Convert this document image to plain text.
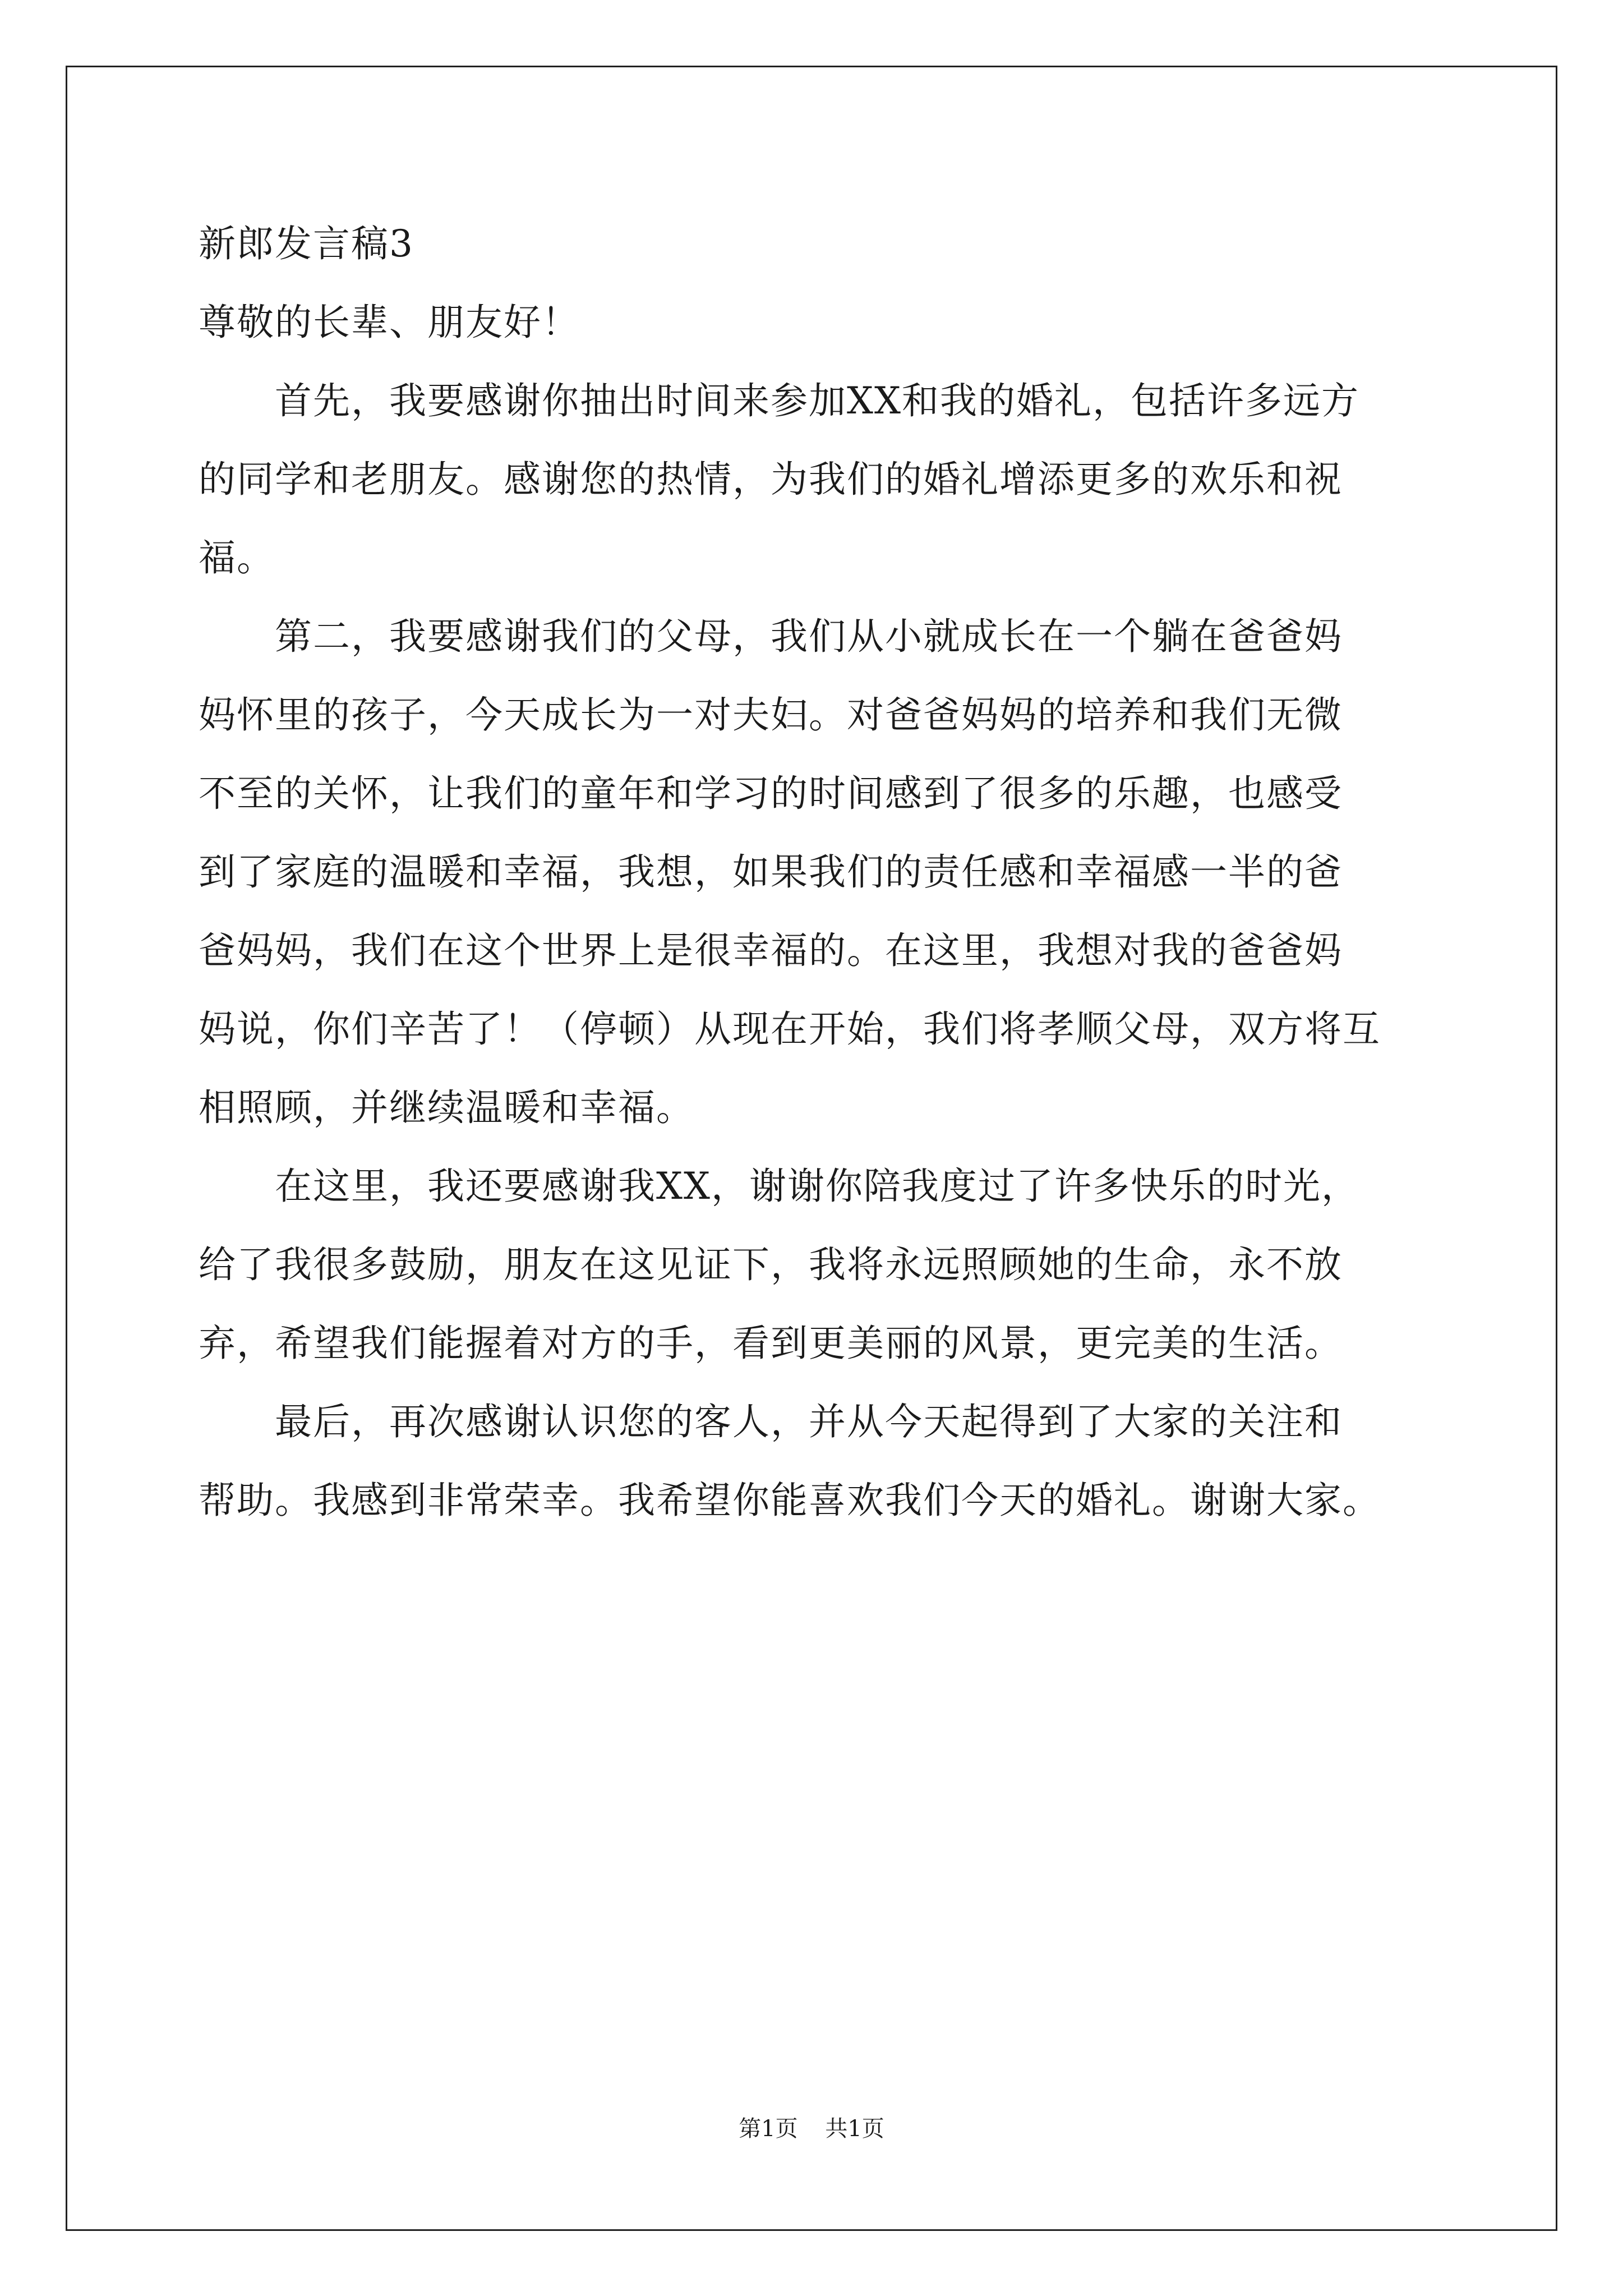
新郎发言稿3
尊敬的长辈、朋友好！
　　首先，我要感谢你抽出时间来参加XX和我的婚礼，包括许多远方
的同学和老朋友。感谢您的热情，为我们的婚礼增添更多的欢乐和祝
福。
　　第二，我要感谢我们的父母，我们从小就成长在一个躺在爸爸妈
妈怀里的孩子，今天成长为一对夫妇。对爸爸妈妈的培养和我们无微
不至的关怀，让我们的童年和学习的时间感到了很多的乐趣，也感受
到了家庭的温暖和幸福，我想，如果我们的责任感和幸福感一半的爸
爸妈妈，我们在这个世界上是很幸福的。在这里，我想对我的爸爸妈
妈说，你们辛苦了！（停顿）从现在开始，我们将孝顺父母，双方将互
相照顾，并继续温暖和幸福。
　　在这里，我还要感谢我XX，谢谢你陪我度过了许多快乐的时光，
给了我很多鼓励，朋友在这见证下，我将永远照顾她的生命，永不放
弃，希望我们能握着对方的手，看到更美丽的风景，更完美的生活。
　　最后，再次感谢认识您的客人，并从今天起得到了大家的关注和
帮助。我感到非常荣幸。我希望你能喜欢我们今天的婚礼。谢谢大家。
第1页 共1页
